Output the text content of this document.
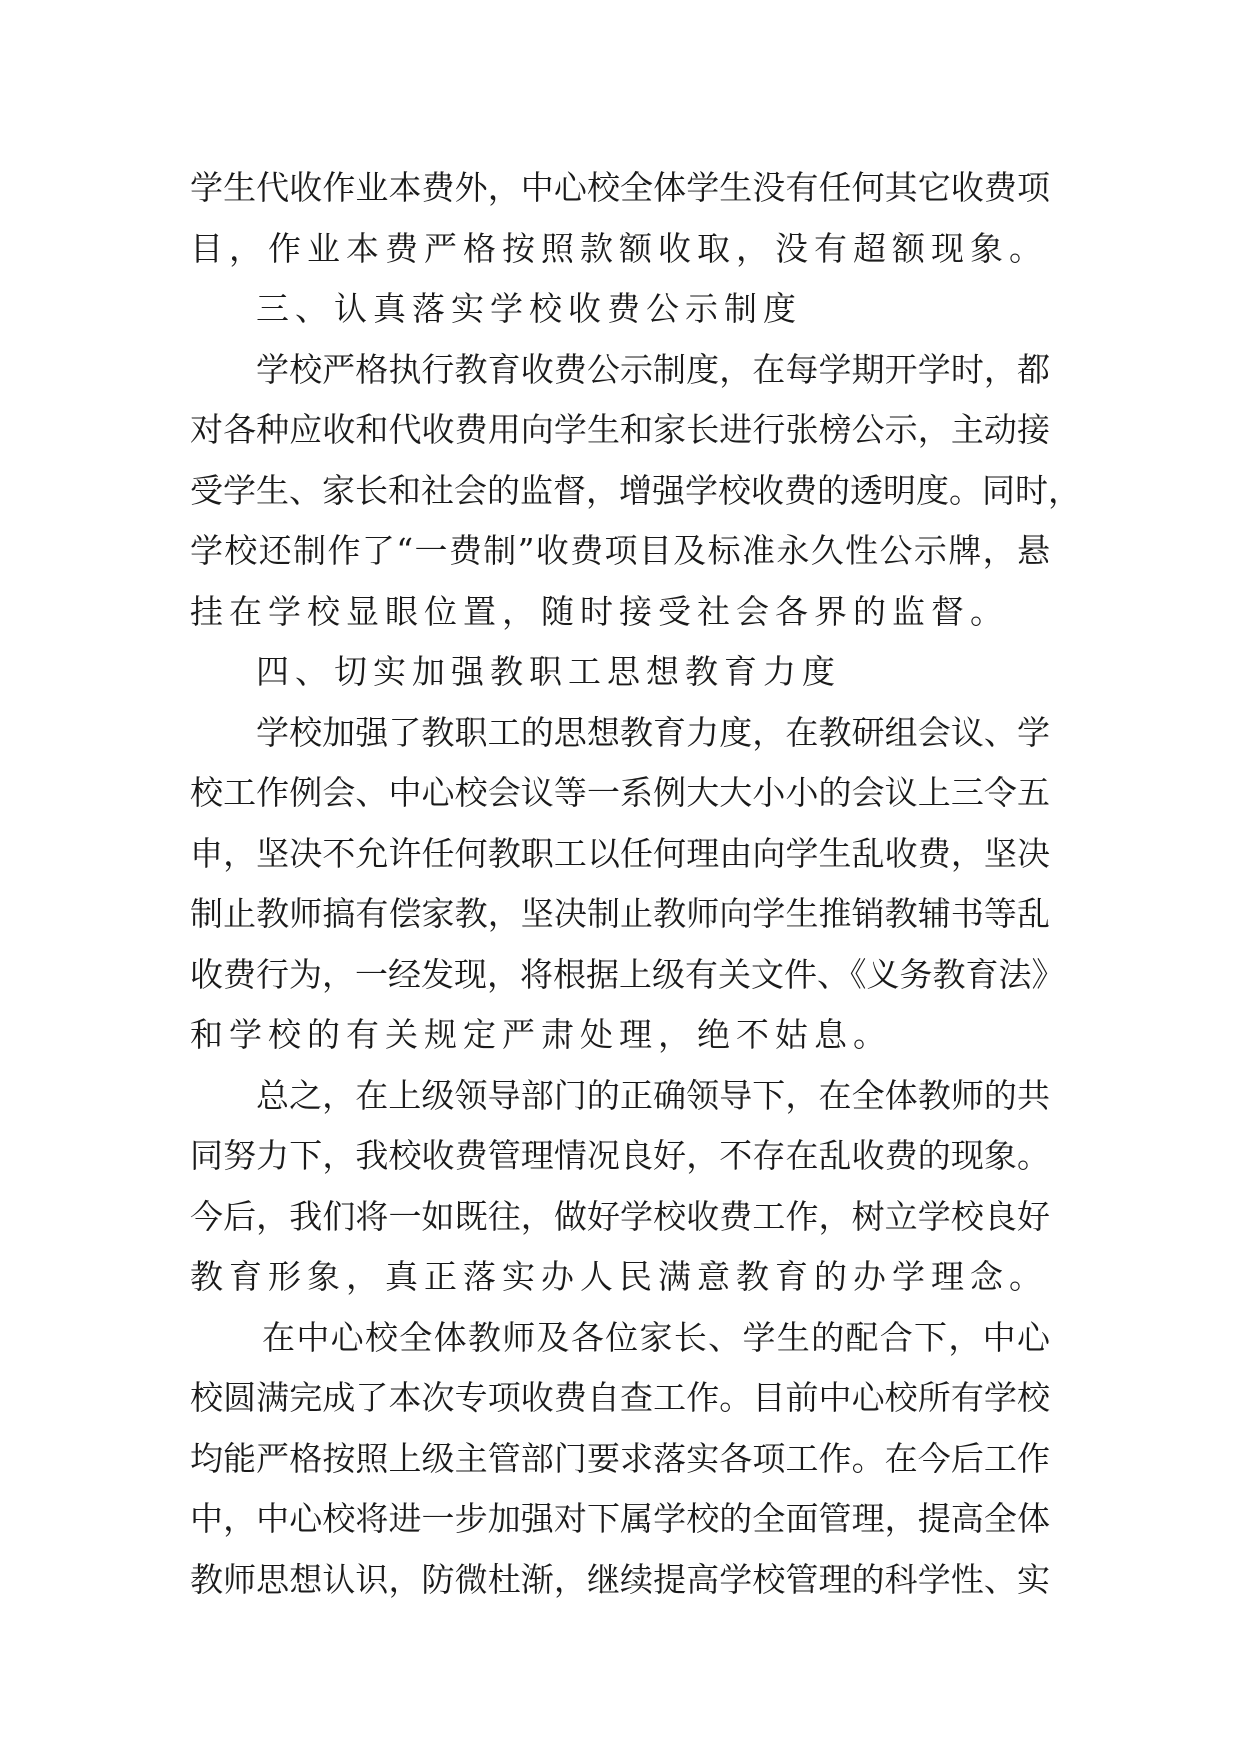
学生代收作业本费外，中心校全体学生没有任何其它收费项
目，作业本费严格按照款额收取，没有超额现象。
三、认真落实学校收费公示制度
学校严格执行教育收费公示制度，在每学期开学时，都
对各种应收和代收费用向学生和家长进行张榜公示，主动接
受学生、家长和社会的监督，增强学校收费的透明度。同时，
学校还制作了“一费制”收费项目及标准永久性公示牌，悬
挂在学校显眼位置，随时接受社会各界的监督。
四、切实加强教职工思想教育力度
学校加强了教职工的思想教育力度，在教研组会议、学
校工作例会、中心校会议等一系例大大小小的会议上三令五
申，坚决不允许任何教职工以任何理由向学生乱收费，坚决
制止教师搞有偿家教，坚决制止教师向学生推销教辅书等乱
收费行为，一经发现，将根据上级有关文件、《义务教育法》
和学校的有关规定严肃处理，绝不姑息。
总之，在上级领导部门的正确领导下，在全体教师的共
同努力下，我校收费管理情况良好，不存在乱收费的现象。
今后，我们将一如既往，做好学校收费工作，树立学校良好
教育形象，真正落实办人民满意教育的办学理念。
在中心校全体教师及各位家长、学生的配合下，中心
校圆满完成了本次专项收费自查工作。目前中心校所有学校
均能严格按照上级主管部门要求落实各项工作。在今后工作
中，中心校将进一步加强对下属学校的全面管理，提高全体
教师思想认识，防微杜渐，继续提高学校管理的科学性、实
